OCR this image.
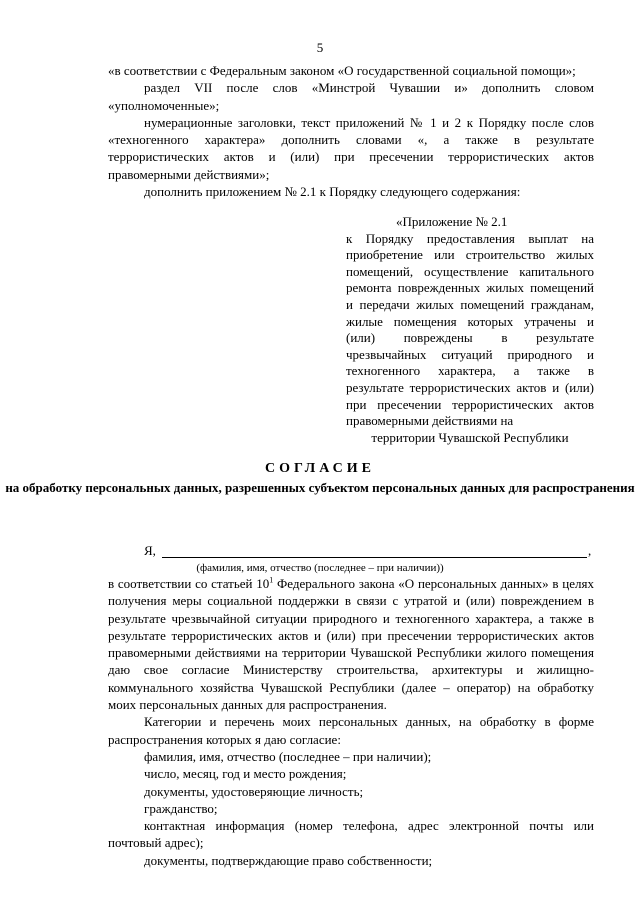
5

«в соответствии с Федеральным законом «О государственной социальной помощи»;

раздел VII после слов «Минстрой Чувашии и» дополнить словом «уполномоченные»;

нумерационные заголовки, текст приложений № 1 и 2 к Порядку после слов «техногенного характера» дополнить словами «, а также в результате террористических актов и (или) при пресечении террористических актов правомерными действиями»;

дополнить приложением № 2.1 к Порядку следующего содержания:

«Приложение № 2.1

к Порядку предоставления выплат на приобретение или строительство жилых помещений, осуществление капитального ремонта поврежденных жилых помещений и передачи жилых помещений гражданам, жилые помещения которых утрачены и (или) повреждены в результате чрезвычайных ситуаций природного и техногенного характера, а также в результате террористических актов и (или) при пресечении террористических актов правомерными действиями на

территории Чувашской Республики

СОГЛАСИЕ
на обработку персональных данных, разрешенных субъектом персональных данных для распространения
Я,	,
(фамилия, имя, отчество (последнее – при наличии))

в соответствии со статьей $10^1$ Федерального закона «О персональных данных» в целях получения меры социальной поддержки в связи с утратой и (или) повреждением в результате чрезвычайной ситуации природного и техногенного характера, а также в результате террористических актов и (или) при пресечении террористических актов правомерными действиями на территории Чувашской Республики жилого помещения даю свое согласие Министерству строительства, архитектуры и жилищно-коммунального хозяйства Чувашской Республики (далее – оператор) на обработку моих персональных данных для распространения.

Категории и перечень моих персональных данных, на обработку в форме распространения которых я даю согласие:

фамилия, имя, отчество (последнее – при наличии);

число, месяц, год и место рождения;

документы, удостоверяющие личность;

гражданство;

контактная информация (номер телефона, адрес электронной почты или почтовый адрес);

документы, подтверждающие право собственности;
